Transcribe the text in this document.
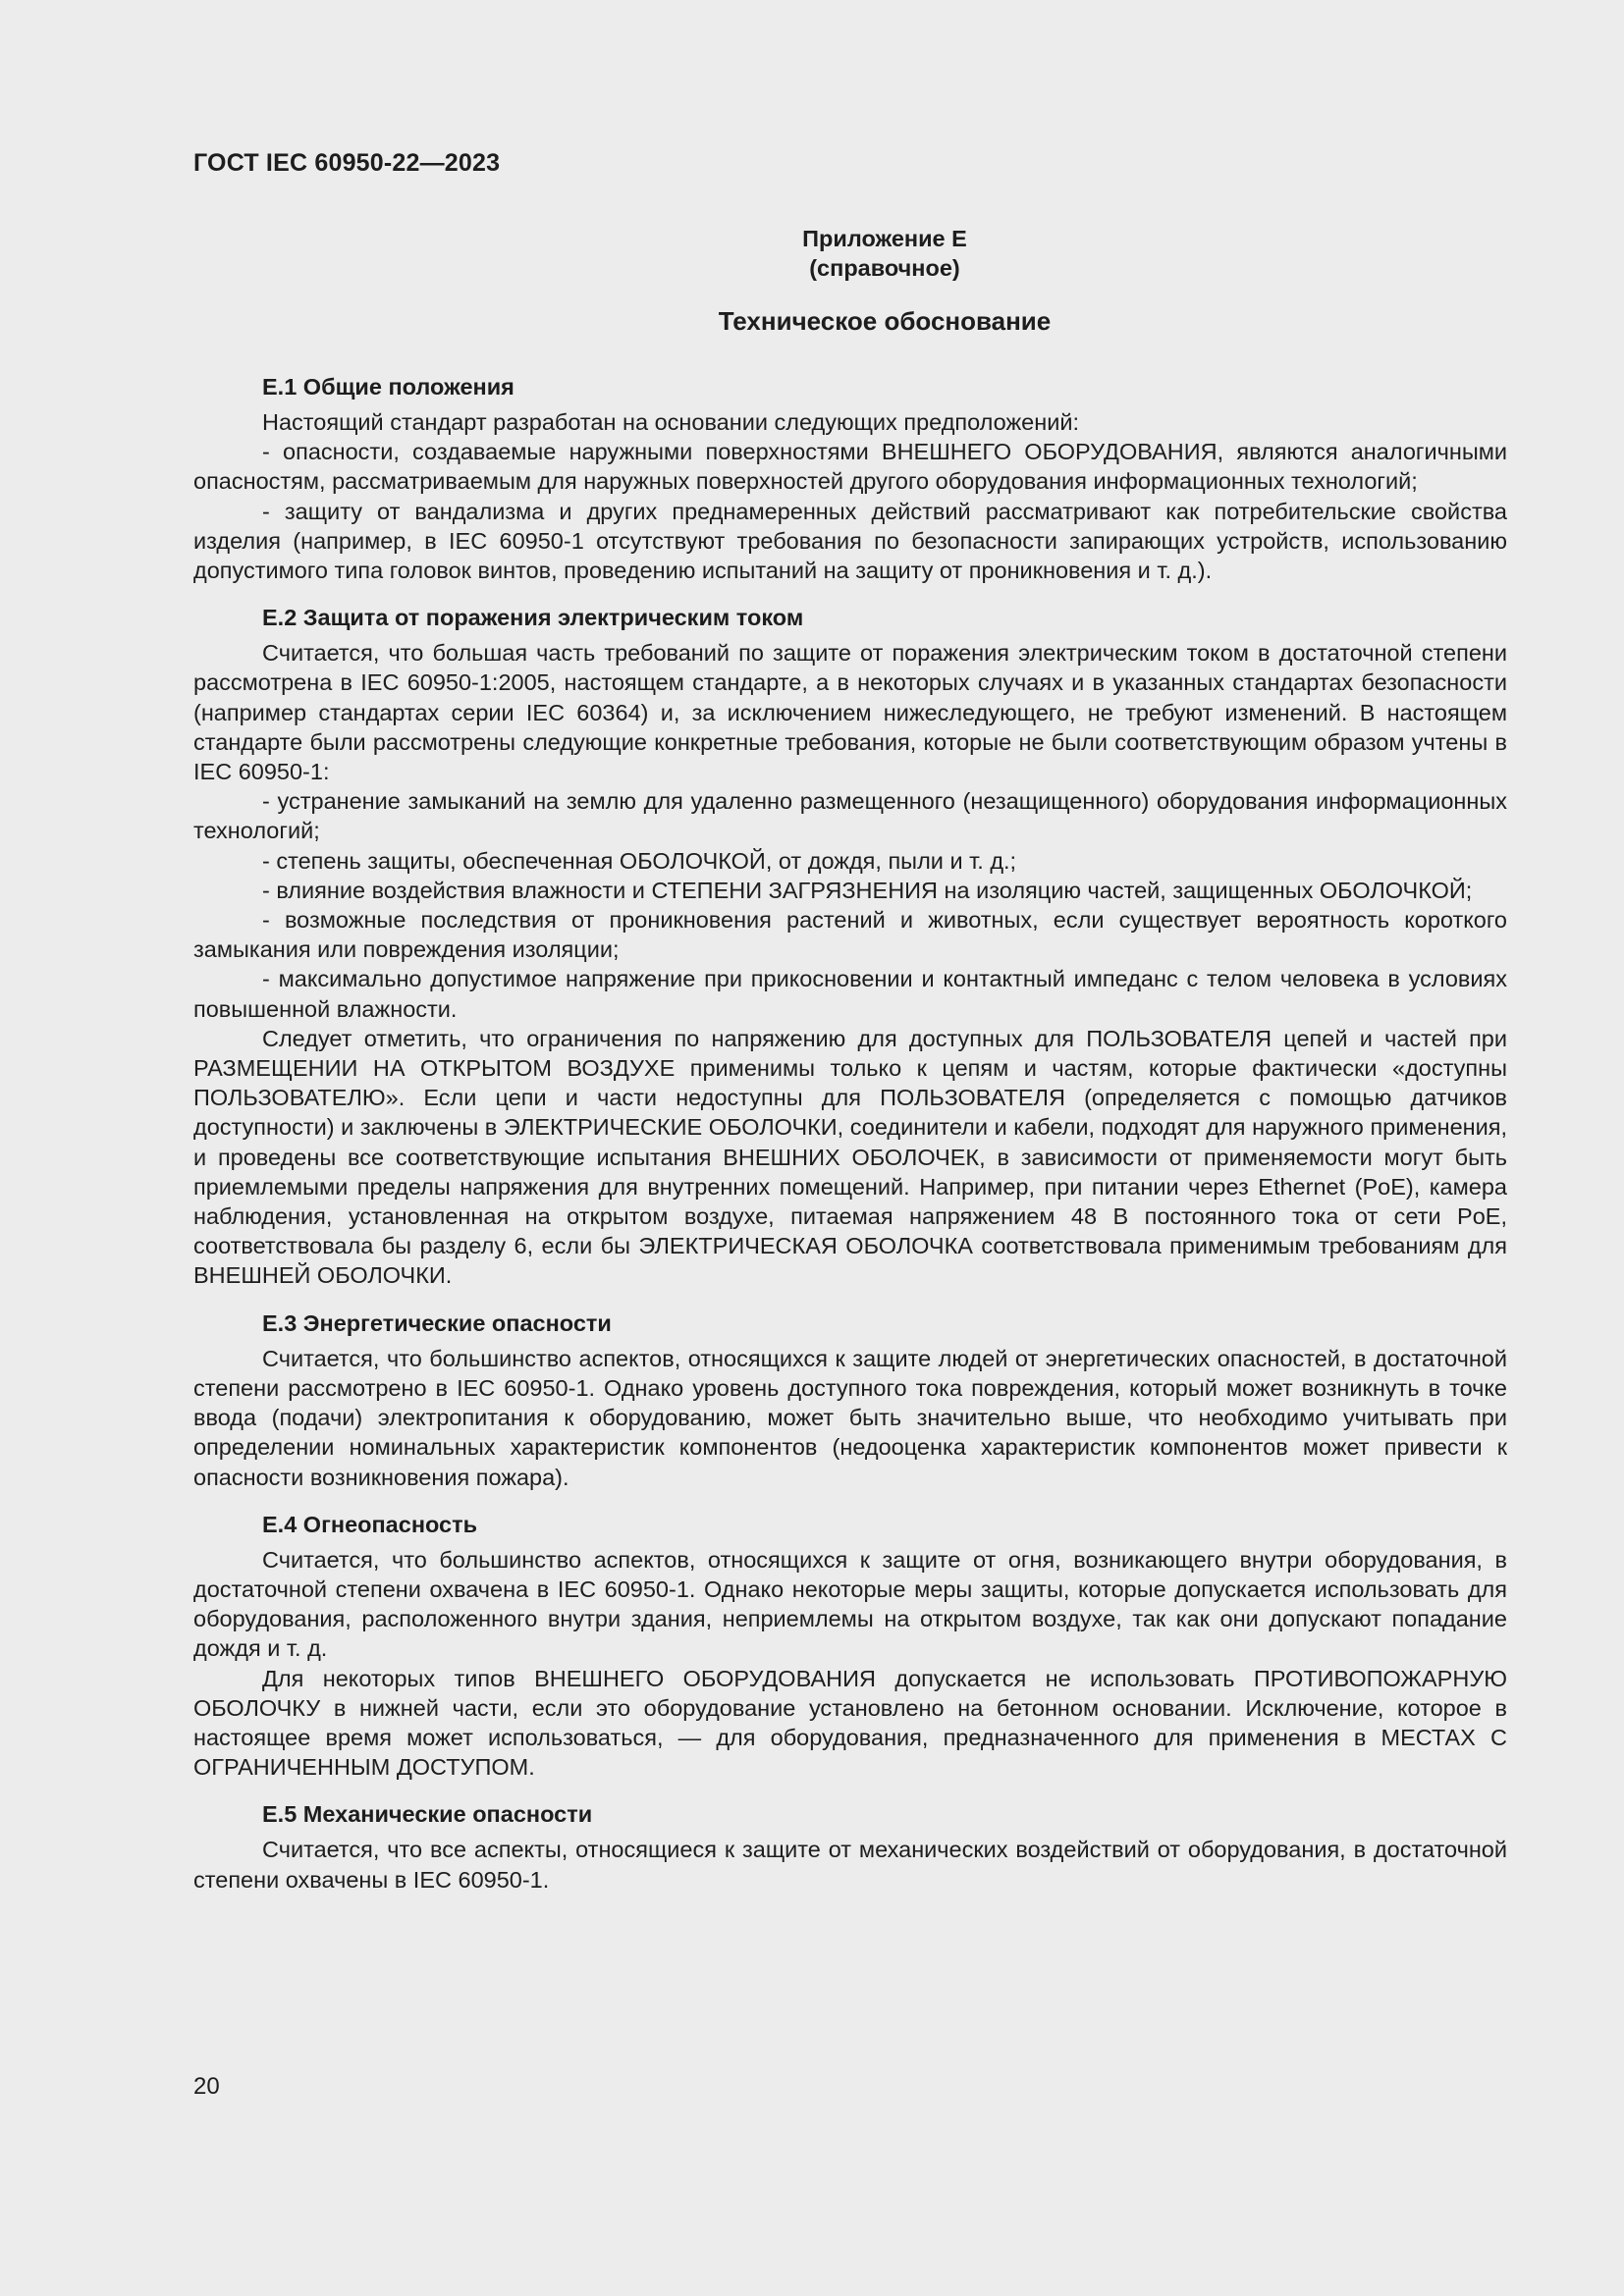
ГОСТ IEC 60950-22—2023
Приложение Е
(справочное)
Техническое обоснование
Е.1 Общие положения

Настоящий стандарт разработан на основании следующих предположений:

- опасности, создаваемые наружными поверхностями ВНЕШНЕГО ОБОРУДОВАНИЯ, являются аналогичными опасностям, рассматриваемым для наружных поверхностей другого оборудования информационных технологий;

- защиту от вандализма и других преднамеренных действий рассматривают как потребительские свойства изделия (например, в IEC 60950-1 отсутствуют требования по безопасности запирающих устройств, использованию допустимого типа головок винтов, проведению испытаний на защиту от проникновения и т. д.).

Е.2 Защита от поражения электрическим током

Считается, что большая часть требований по защите от поражения электрическим током в достаточной степени рассмотрена в IEC 60950-1:2005, настоящем стандарте, а в некоторых случаях и в указанных стандартах безопасности (например стандартах серии IEC 60364) и, за исключением нижеследующего, не требуют изменений. В настоящем стандарте были рассмотрены следующие конкретные требования, которые не были соответствующим образом учтены в IEC 60950-1:

- устранение замыканий на землю для удаленно размещенного (незащищенного) оборудования информационных технологий;

- степень защиты, обеспеченная ОБОЛОЧКОЙ, от дождя, пыли и т. д.;

- влияние воздействия влажности и СТЕПЕНИ ЗАГРЯЗНЕНИЯ на изоляцию частей, защищенных ОБОЛОЧКОЙ;

- возможные последствия от проникновения растений и животных, если существует вероятность короткого замыкания или повреждения изоляции;

- максимально допустимое напряжение при прикосновении и контактный импеданс с телом человека в условиях повышенной влажности.

Следует отметить, что ограничения по напряжению для доступных для ПОЛЬЗОВАТЕЛЯ цепей и частей при РАЗМЕЩЕНИИ НА ОТКРЫТОМ ВОЗДУХЕ применимы только к цепям и частям, которые фактически «доступны ПОЛЬЗОВАТЕЛЮ». Если цепи и части недоступны для ПОЛЬЗОВАТЕЛЯ (определяется с помощью датчиков доступности) и заключены в ЭЛЕКТРИЧЕСКИЕ ОБОЛОЧКИ, соединители и кабели, подходят для наружного применения, и проведены все соответствующие испытания ВНЕШНИХ ОБОЛОЧЕК, в зависимости от применяемости могут быть приемлемыми пределы напряжения для внутренних помещений. Например, при питании через Ethernet (PoE), камера наблюдения, установленная на открытом воздухе, питаемая напряжением 48 В постоянного тока от сети PoE, соответствовала бы разделу 6, если бы ЭЛЕКТРИЧЕСКАЯ ОБОЛОЧКА соответствовала применимым требованиям для ВНЕШНЕЙ ОБОЛОЧКИ.

Е.3 Энергетические опасности

Считается, что большинство аспектов, относящихся к защите людей от энергетических опасностей, в достаточной степени рассмотрено в IEC 60950-1. Однако уровень доступного тока повреждения, который может возникнуть в точке ввода (подачи) электропитания к оборудованию, может быть значительно выше, что необходимо учитывать при определении номинальных характеристик компонентов (недооценка характеристик компонентов может привести к опасности возникновения пожара).

Е.4 Огнеопасность

Считается, что большинство аспектов, относящихся к защите от огня, возникающего внутри оборудования, в достаточной степени охвачена в IEC 60950-1. Однако некоторые меры защиты, которые допускается использовать для оборудования, расположенного внутри здания, неприемлемы на открытом воздухе, так как они допускают попадание дождя и т. д.

Для некоторых типов ВНЕШНЕГО ОБОРУДОВАНИЯ допускается не использовать ПРОТИВОПОЖАРНУЮ ОБОЛОЧКУ в нижней части, если это оборудование установлено на бетонном основании. Исключение, которое в настоящее время может использоваться, — для оборудования, предназначенного для применения в МЕСТАХ С ОГРАНИЧЕННЫМ ДОСТУПОМ.

Е.5 Механические опасности

Считается, что все аспекты, относящиеся к защите от механических воздействий от оборудования, в достаточной степени охвачены в IEC 60950-1.

20
